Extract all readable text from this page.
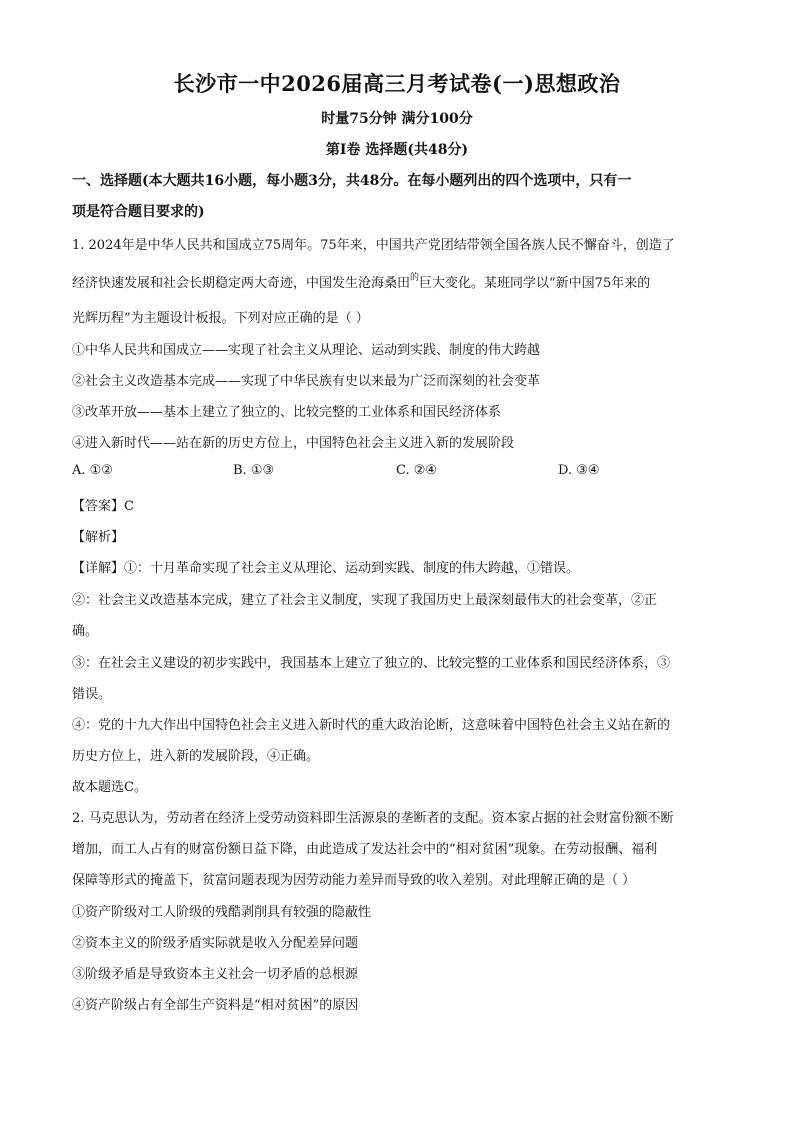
长沙市一中2026届高三月考试卷(一)思想政治
时量75分钟 满分100分
第Ⅰ卷 选择题(共48分)
一、选择题(本大题共16小题，每小题3分，共48分。在每小题列出的四个选项中，只有一
项是符合题目要求的)
1. 2024年是中华人民共和国成立75周年。75年来，中国共产党团结带领全国各族人民不懈奋斗，创造了
经济快速发展和社会长期稳定两大奇迹，中国发生沧海桑田$^的$巨大变化。某班同学以“新中国75年来的
光辉历程”为主题设计板报。下列对应正确的是（ ）
①中华人民共和国成立——实现了社会主义从理论、运动到实践、制度的伟大跨越
②社会主义改造基本完成——实现了中华民族有史以来最为广泛而深刻的社会变革
③改革开放——基本上建立了独立的、比较完整的工业体系和国民经济体系
④进入新时代——站在新的历史方位上，中国特色社会主义进入新的发展阶段
A. ①②	B. ①③	C. ②④	D. ③④
【答案】C
【解析】
【详解】①：十月革命实现了社会主义从理论、运动到实践、制度的伟大跨越，①错误。
②：社会主义改造基本完成，建立了社会主义制度，实现了我国历史上最深刻最伟大的社会变革，②正
确。
③：在社会主义建设的初步实践中，我国基本上建立了独立的、比较完整的工业体系和国民经济体系，③
错误。
④：党的十九大作出中国特色社会主义进入新时代的重大政治论断，这意味着中国特色社会主义站在新的
历史方位上，进入新的发展阶段，④正确。
故本题选C。
2. 马克思认为，劳动者在经济上受劳动资料即生活源泉的垄断者的支配。资本家占据的社会财富份额不断
增加，而工人占有的财富份额日益下降，由此造成了发达社会中的“相对贫困”现象。在劳动报酬、福利
保障等形式的掩盖下，贫富问题表现为因劳动能力差异而导致的收入差别。对此理解正确的是（ ）
①资产阶级对工人阶级的残酷剥削具有较强的隐蔽性
②资本主义的阶级矛盾实际就是收入分配差异问题
③阶级矛盾是导致资本主义社会一切矛盾的总根源
④资产阶级占有全部生产资料是“相对贫困”的原因
